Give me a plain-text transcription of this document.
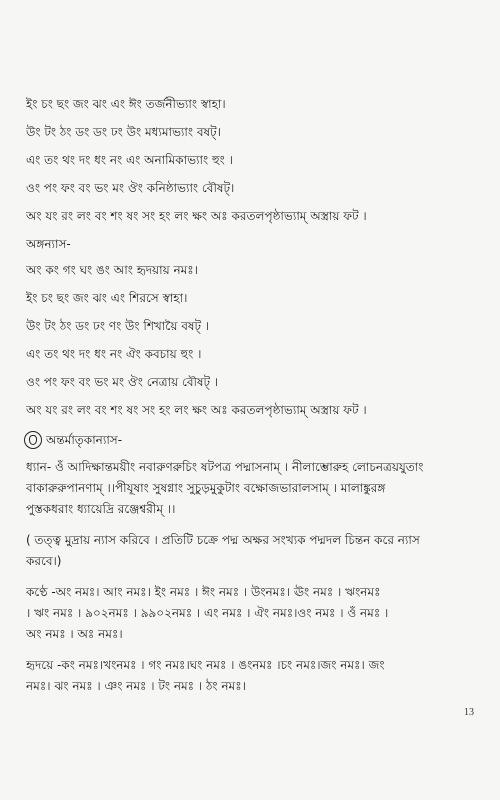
ইং চং ছং জং ঝং এং ঈং তর্জনীভ্যাং স্বাহা।
উং টং ঠং ডং ডং ঢং উং মধ্যমাভ্যাং বষট্।
এং তং থং দং ধং নং এং অনামিকাভ্যাং হুং ।
ওং পং ফং বং ভং মং ঔং কনিষ্ঠাভ্যাং বৌষট্।
অং যং রং লং বং শং ষং সং হং লং ক্ষং অঃ করতলপৃষ্ঠাভ্যাম্ অস্ত্রায় ফট ।
অঙ্গন্যাস-
অং কং গং ঘং ঙং আং হৃদয়ায় নমঃ।
ইং চং ছং জং ঝং এং শিরসে স্বাহা।
উং টং ঠং ডং ঢং ণং উং শিখায়ৈ বষট্ ।
এং তং থং দং ধং নং ঐং কবচায় হুং ।
ওং পং ফং বং ভং মং ঔং নেত্রায় বৌষট্ ।
অং যং রং লং বং শং ষং সং হং লং ক্ষং অঃ করতলপৃষ্ঠাভ্যাম্ অস্ত্রায় ফট ।
অন্তর্মাতৃকান্যাস-
ধ্যান- ওঁ আদিক্ষান্তময়ীং নবারুণরুচিং ষটপত্র পদ্মাসনাম্ । নীলাম্ভোরুহ লোচনত্রয়যুতাং
বাকারুরুপানণাম্ ।।পীযূষাং সুষগ্নাং সুচুড়মুকুটাং বক্ষোজভারালসাম্ । মালাঙ্কুরঙ্গ
পুস্তকধরাং ধ্যায়েদ্রি রঞ্জেশ্বরীম্ ।।
( তত্ত্ব মুদ্রায় ন্যাস করিবে । প্রতিটি চক্রে পদ্ম অক্ষর সংখ্যক পদ্মদল চিন্তন করে ন্যাস
করবে।)
কণ্ঠে -অং নমঃ। আং নমঃ। ইং নমঃ । ঈং নমঃ । উংনমঃ। ঊং নমঃ । ঋংনমঃ
। ঋং নমঃ । ৯০২নমঃ । ৯৯০২নমঃ । এং নমঃ । ঐং নমঃ।ওং নমঃ । ওঁ নমঃ ।
অং নমঃ । অঃ নমঃ।
হৃদয়ে -কং নমঃ।খংনমঃ । গং নমঃ।ঘং নমঃ । ঙংনমঃ ।চং নমঃ।জং নমঃ। জং
নমঃ। ঝং নমঃ । ঞং নমঃ । টং নমঃ । ঠং নমঃ।
13
